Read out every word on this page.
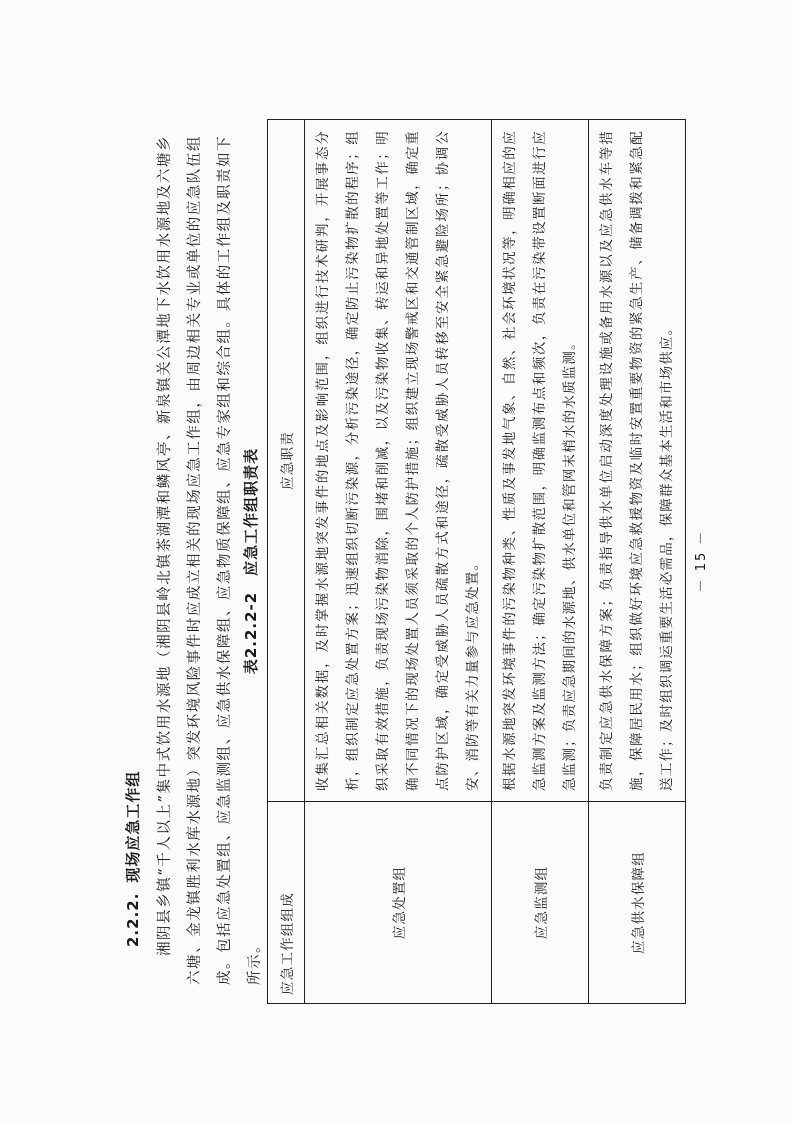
2.2.2.现场应急工作组	湘阴县乡镇“千人以上”集中式饮用水源地（湘阴县岭北镇茶湖潭和鳞风亭、新泉镇关公潭地下水饮用水源地及六塘乡六塘、金龙镇胜利水库水源地）突发环境风险事件时应成立相关的现场应急工作组，由周边相关专业或单位的应急队伍组成。包括应急处置组、应急监测组、应急供水保障组、应急物质保障组、应急专家组和综合组。具体的工作组及职责如下所示。
表2.2.2-2　应急工作组职责表
应急工作组组成	应急职责
应急处置组	收集汇总相关数据，及时掌握水源地突发事件的地点及影响范围，组织进行技术研判，开展事态分析，组织制定应急处置方案；迅速组织切断污染源，分析污染途径，确定防止污染物扩散的程序；组织采取有效措施，负责现场污染物消除，围堵和削减，以及污染物收集、转运和异地处置等工作；明确不同情况下的现场处置人员须采取的个人防护措施；组织建立现场警戒区和交通管制区域，确定重点防护区域，确定受威胁人员疏散方式和途径，疏散受威胁人员转移至安全紧急避险场所；协调公安、消防等有关力量参与应急处置。
应急监测组	根据水源地突发环境事件的污染物种类、性质及事发地气象、自然、社会环境状况等，明确相应的应急监测方案及监测方法；确定污染物扩散范围，明确监测布点和频次，负责在污染带设置断面进行应急监测；负责应急期间的水源地、供水单位和管网末梢水的水质监测。
应急供水保障组	负责制定应急供水保障方案；负责指导供水单位启动深度处理设施或备用水源以及应急供水车等措施，保障居民用水；组织做好环境应急救援物资及临时安置重要物资的紧急生产、储备调拨和紧急配送工作；及时组织调运重要生活必需品，保障群众基本生活和市场供应。	－ 15 －
